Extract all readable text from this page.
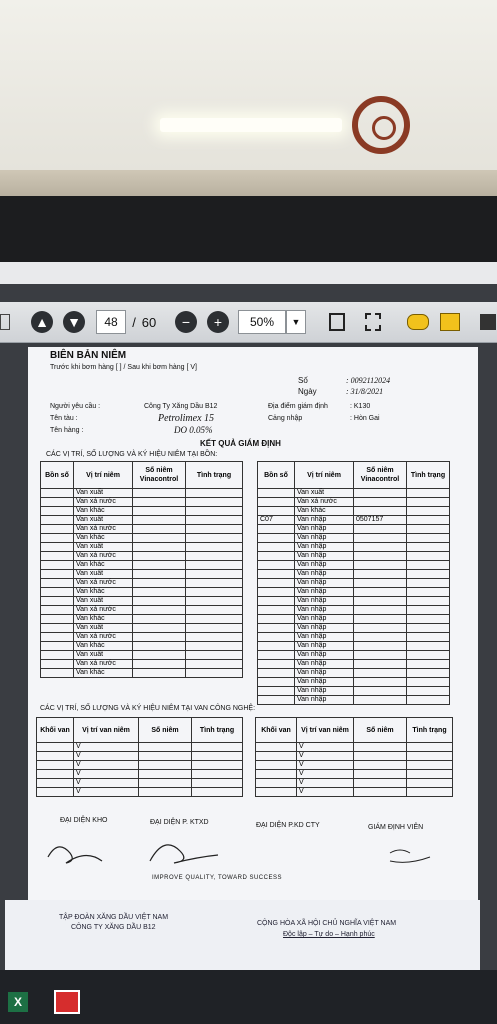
▲ ▼	48	/ 60	−	+	50%	▼
BIÊN BẢN NIÊM
Trước khi bơm hàng [ ] / Sau khi bơm hàng [ V]
Số	: 0092112024
Ngày	: 31/8/2021
Người yêu cầu :	Công Ty Xăng Dầu B12
Tên tàu :	Petrolimex 15
Tên hàng :	DO 0.05%
Địa điểm giám định	: K130
Cảng nhập	: Hòn Gai
KẾT QUẢ GIÁM ĐỊNH
CÁC VỊ TRÍ, SỐ LƯỢNG VÀ KÝ HIỆU NIÊM TẠI BỒN:
Bồn số	Vị trí niêm	Số niêm Vinacontrol	Tình trạng
	Van xuất		
	Van xả nước		
	Van khác		
	Van xuất		
	Van xả nước		
	Van khác		
	Van xuất		
	Van xả nước		
	Van khác		
	Van xuất		
	Van xả nước		
	Van khác		
	Van xuất		
	Van xả nước		
	Van khác		
	Van xuất		
	Van xả nước		
	Van khác		
	Van xuất		
	Van xả nước		
	Van khác		
Bồn số	Vị trí niêm	Số niêm Vinacontrol	Tình trạng
	Van xuất		
	Van xả nước		
	Van khác		
C07	Van nhập	0507157	
	Van nhập		
	Van nhập		
	Van nhập		
	Van nhập		
	Van nhập		
	Van nhập		
	Van nhập		
	Van nhập		
	Van nhập		
	Van nhập		
	Van nhập		
	Van nhập		
	Van nhập		
	Van nhập		
	Van nhập		
	Van nhập		
	Van nhập		
	Van nhập		
	Van nhập		
	Van nhập		
CÁC VỊ TRÍ, SỐ LƯỢNG VÀ KÝ HIỆU NIÊM TẠI VAN CÔNG NGHỆ:
Khối van	Vị trí van niêm	Số niêm	Tình trạng
	V		
	V		
	V		
	V		
	V		
	V		
Khối van	Vị trí van niêm	Số niêm	Tình trạng
	V		
	V		
	V		
	V		
	V		
	V		
ĐẠI DIỆN KHO	ĐẠI DIỆN P. KTXD	ĐẠI DIỆN P.KD CTY	GIÁM ĐỊNH VIÊN
IMPROVE QUALITY, TOWARD SUCCESS
TẬP ĐOÀN XĂNG DẦU VIỆT NAM
CÔNG TY XĂNG DẦU B12
CỘNG HÒA XÃ HỘI CHỦ NGHĨA VIỆT NAM
Độc lập – Tự do – Hạnh phúc
X
